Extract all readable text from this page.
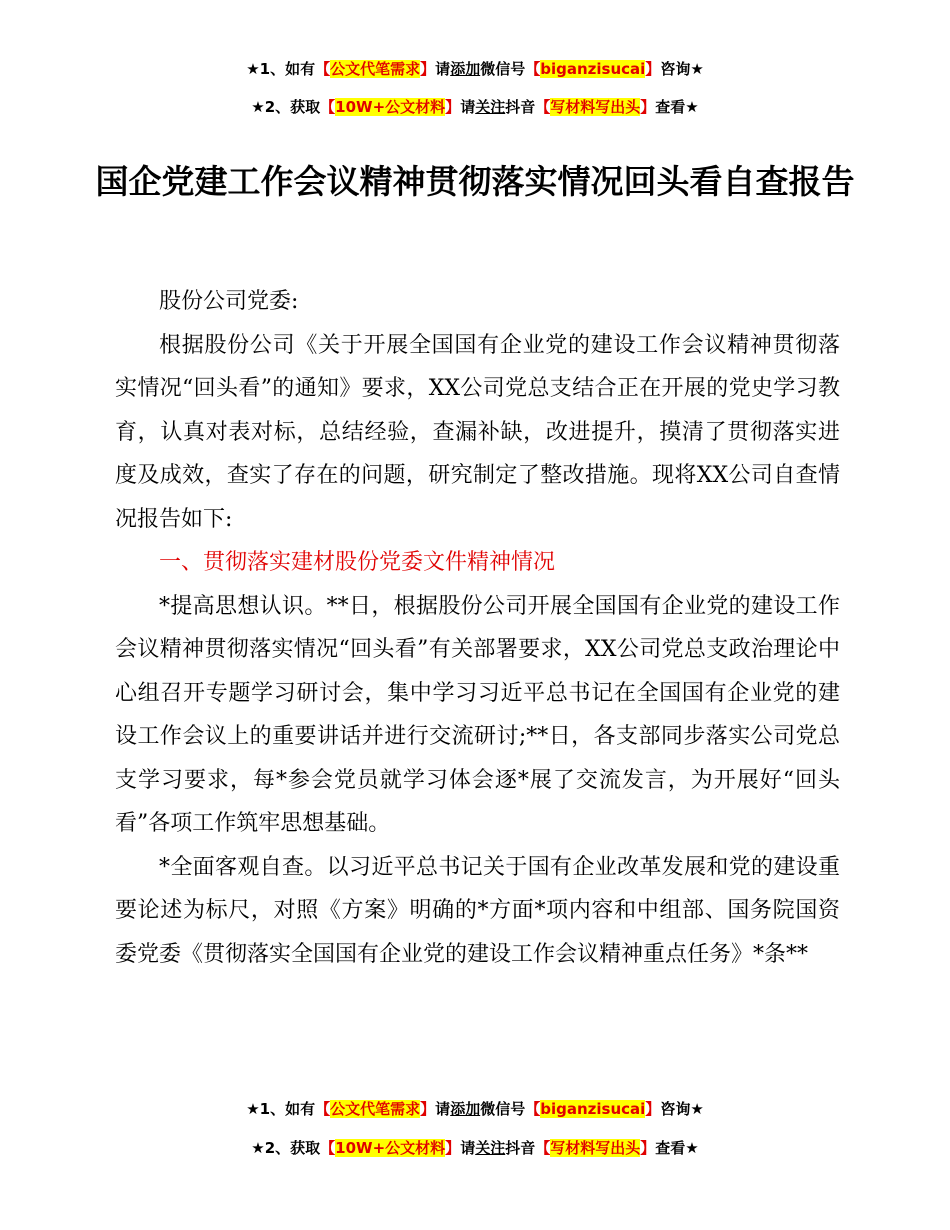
★1、如有【公文代笔需求】请添加微信号【biganzisucai】咨询★
★2、获取【10W+公文材料】请关注抖音【写材料写出头】查看★
国企党建工作会议精神贯彻落实情况回头看自查报告

股份公司党委:

根据股份公司《关于开展全国国有企业党的建设工作会议精神贯彻落实情况“回头看”的通知》要求，XX公司党总支结合正在开展的党史学习教育，认真对表对标，总结经验，查漏补缺，改进提升，摸清了贯彻落实进度及成效，查实了存在的问题，研究制定了整改措施。现将XX公司自查情况报告如下:

一、贯彻落实建材股份党委文件精神情况

*提高思想认识。**日，根据股份公司开展全国国有企业党的建设工作会议精神贯彻落实情况“回头看”有关部署要求，XX公司党总支政治理论中心组召开专题学习研讨会，集中学习习近平总书记在全国国有企业党的建设工作会议上的重要讲话并进行交流研讨;**日，各支部同步落实公司党总支学习要求，每*参会党员就学习体会逐*展了交流发言，为开展好“回头看”各项工作筑牢思想基础。

*全面客观自查。以习近平总书记关于国有企业改革发展和党的建设重要论述为标尺，对照《方案》明确的*方面*项内容和中组部、国务院国资委党委《贯彻落实全国国有企业党的建设工作会议精神重点任务》*条**

★1、如有【公文代笔需求】请添加微信号【biganzisucai】咨询★
★2、获取【10W+公文材料】请关注抖音【写材料写出头】查看★
